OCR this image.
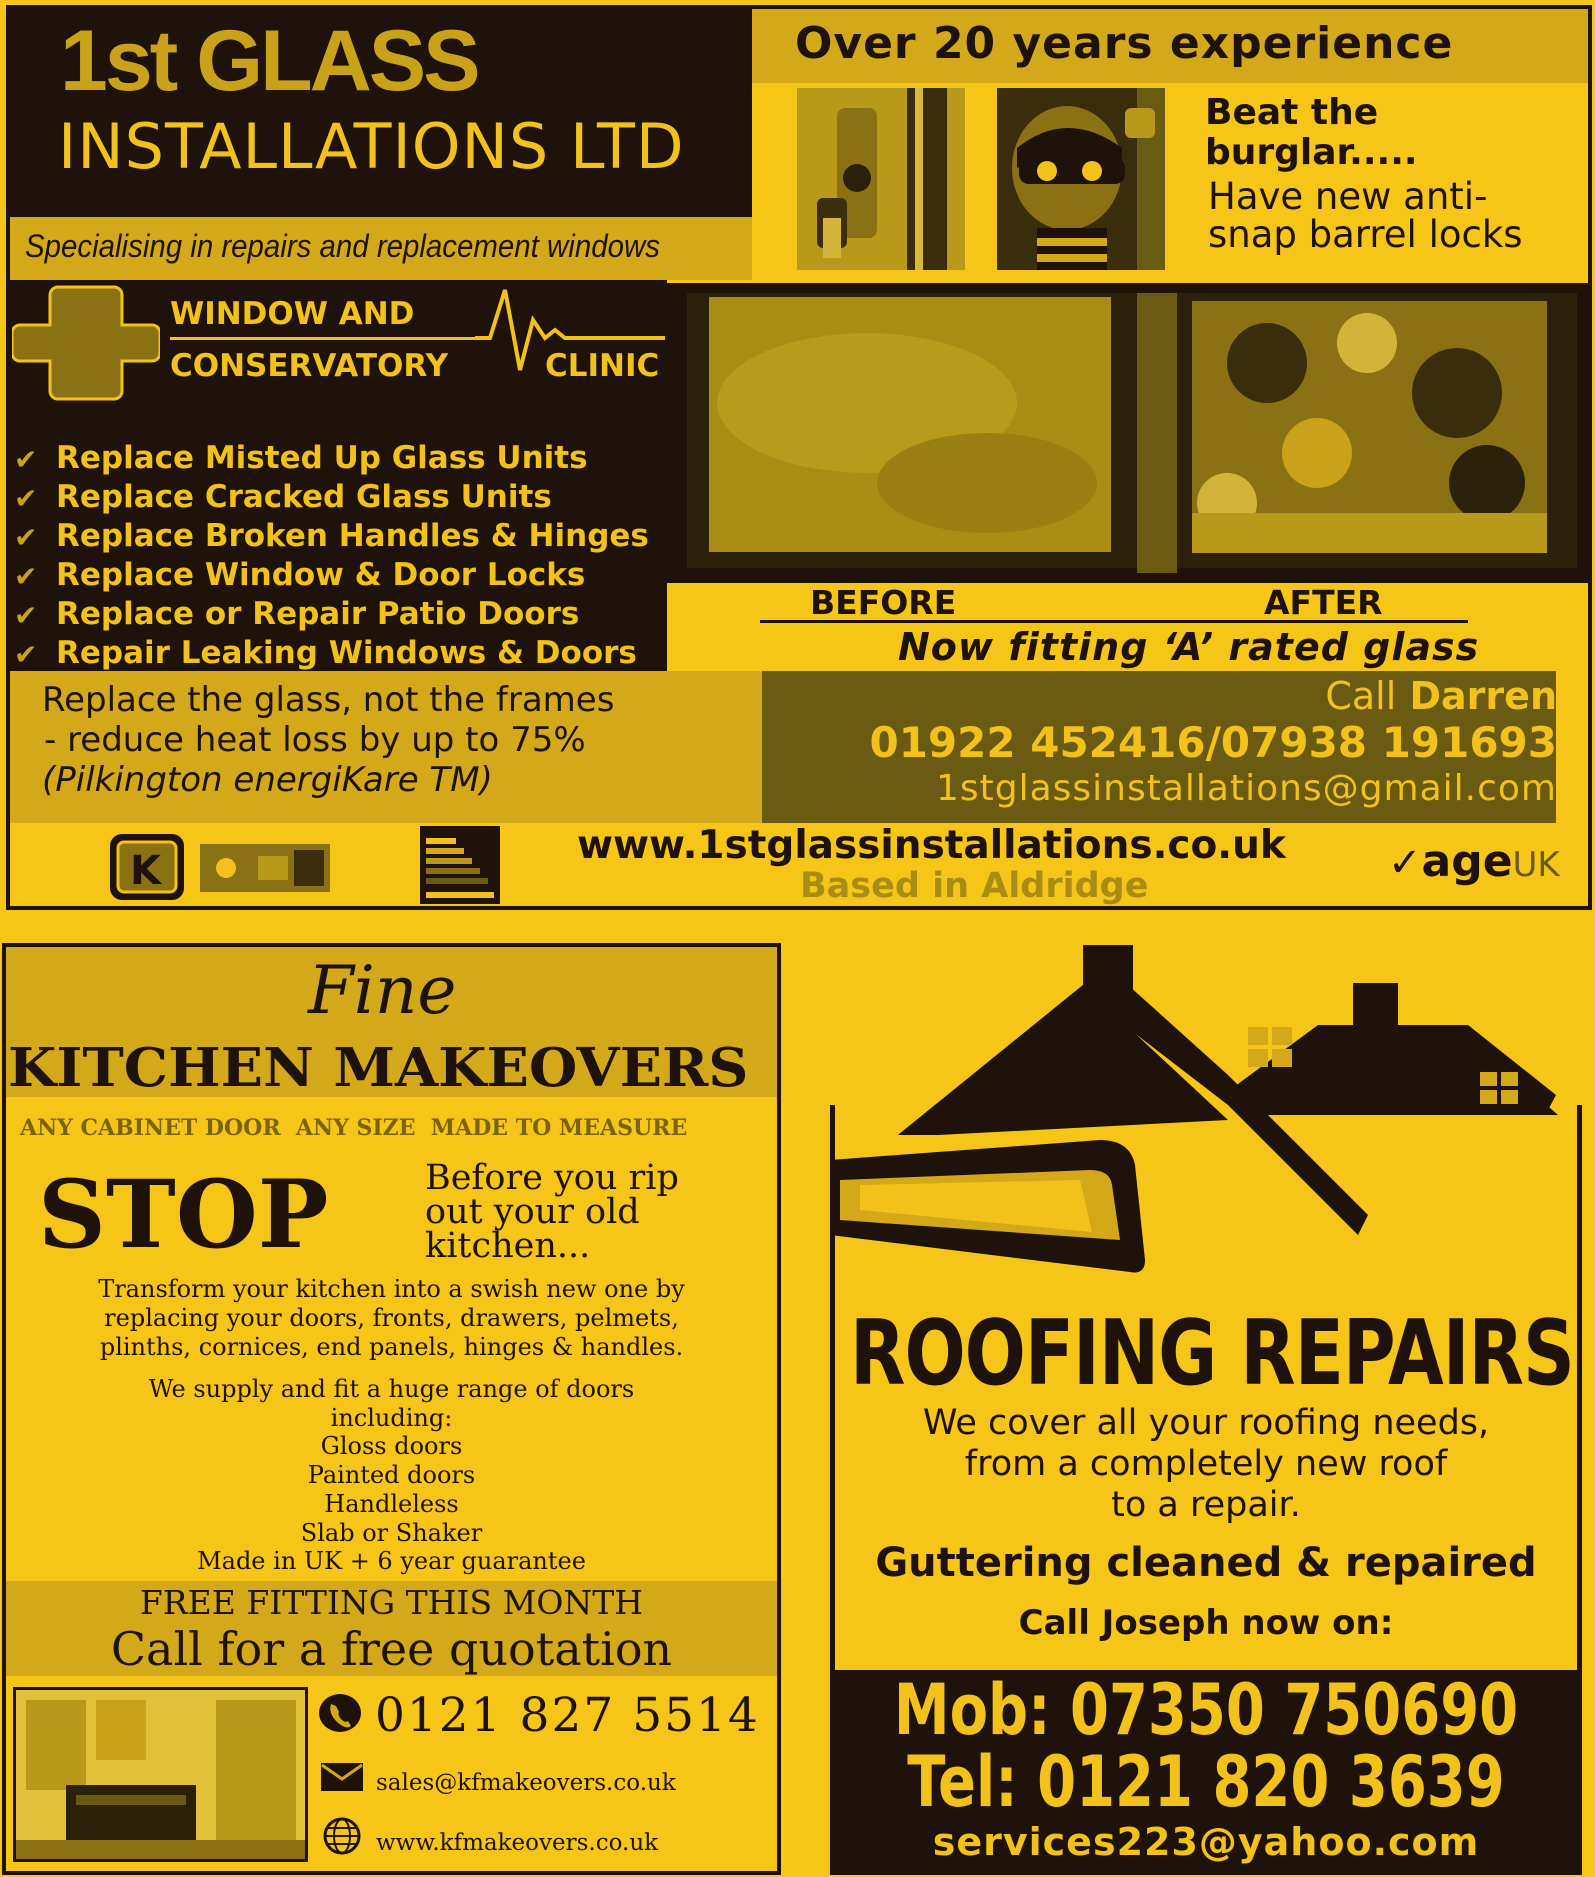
1st GLASS
INSTALLATIONS LTD
Specialising in repairs and replacement windows
Over 20 years experience
Beat the burglar.....
Have new anti-snap barrel locks
WINDOW AND
CONSERVATORY	CLINIC
✔ Replace Misted Up Glass Units
✔ Replace Cracked Glass Units
✔ Replace Broken Handles & Hinges
✔ Replace Window & Door Locks
✔ Replace or Repair Patio Doors
✔ Repair Leaking Windows & Doors
BEFORE	AFTER
Now fitting ‘A’ rated glass
Replace the glass, not the frames
- reduce heat loss by up to 75%
(Pilkington energiKare TM)
Call Darren
01922 452416/07938 191693
1stglassinstallations@gmail.com
K
www.1stglassinstallations.co.uk
Based in Aldridge	✓ageUK
Fine
KITCHEN MAKEOVERS
ANY CABINET DOOR  ANY SIZE  MADE TO MEASURE
STOP	Before you rip
out your old
kitchen...
Transform your kitchen into a swish new one by
replacing your doors, fronts, drawers, pelmets,
plinths, cornices, end panels, hinges & handles.
We supply and fit a huge range of doors
including:
Gloss doors
Painted doors
Handleless
Slab or Shaker
Made in UK + 6 year guarantee
FREE FITTING THIS MONTH
Call for a free quotation
0121 827 5514
sales@kfmakeovers.co.uk
www.kfmakeovers.co.uk
ROOFING REPAIRS
We cover all your roofing needs,
from a completely new roof
to a repair.
Guttering cleaned & repaired
Call Joseph now on:
Mob: 07350 750690
Tel: 0121 820 3639
services223@yahoo.com
